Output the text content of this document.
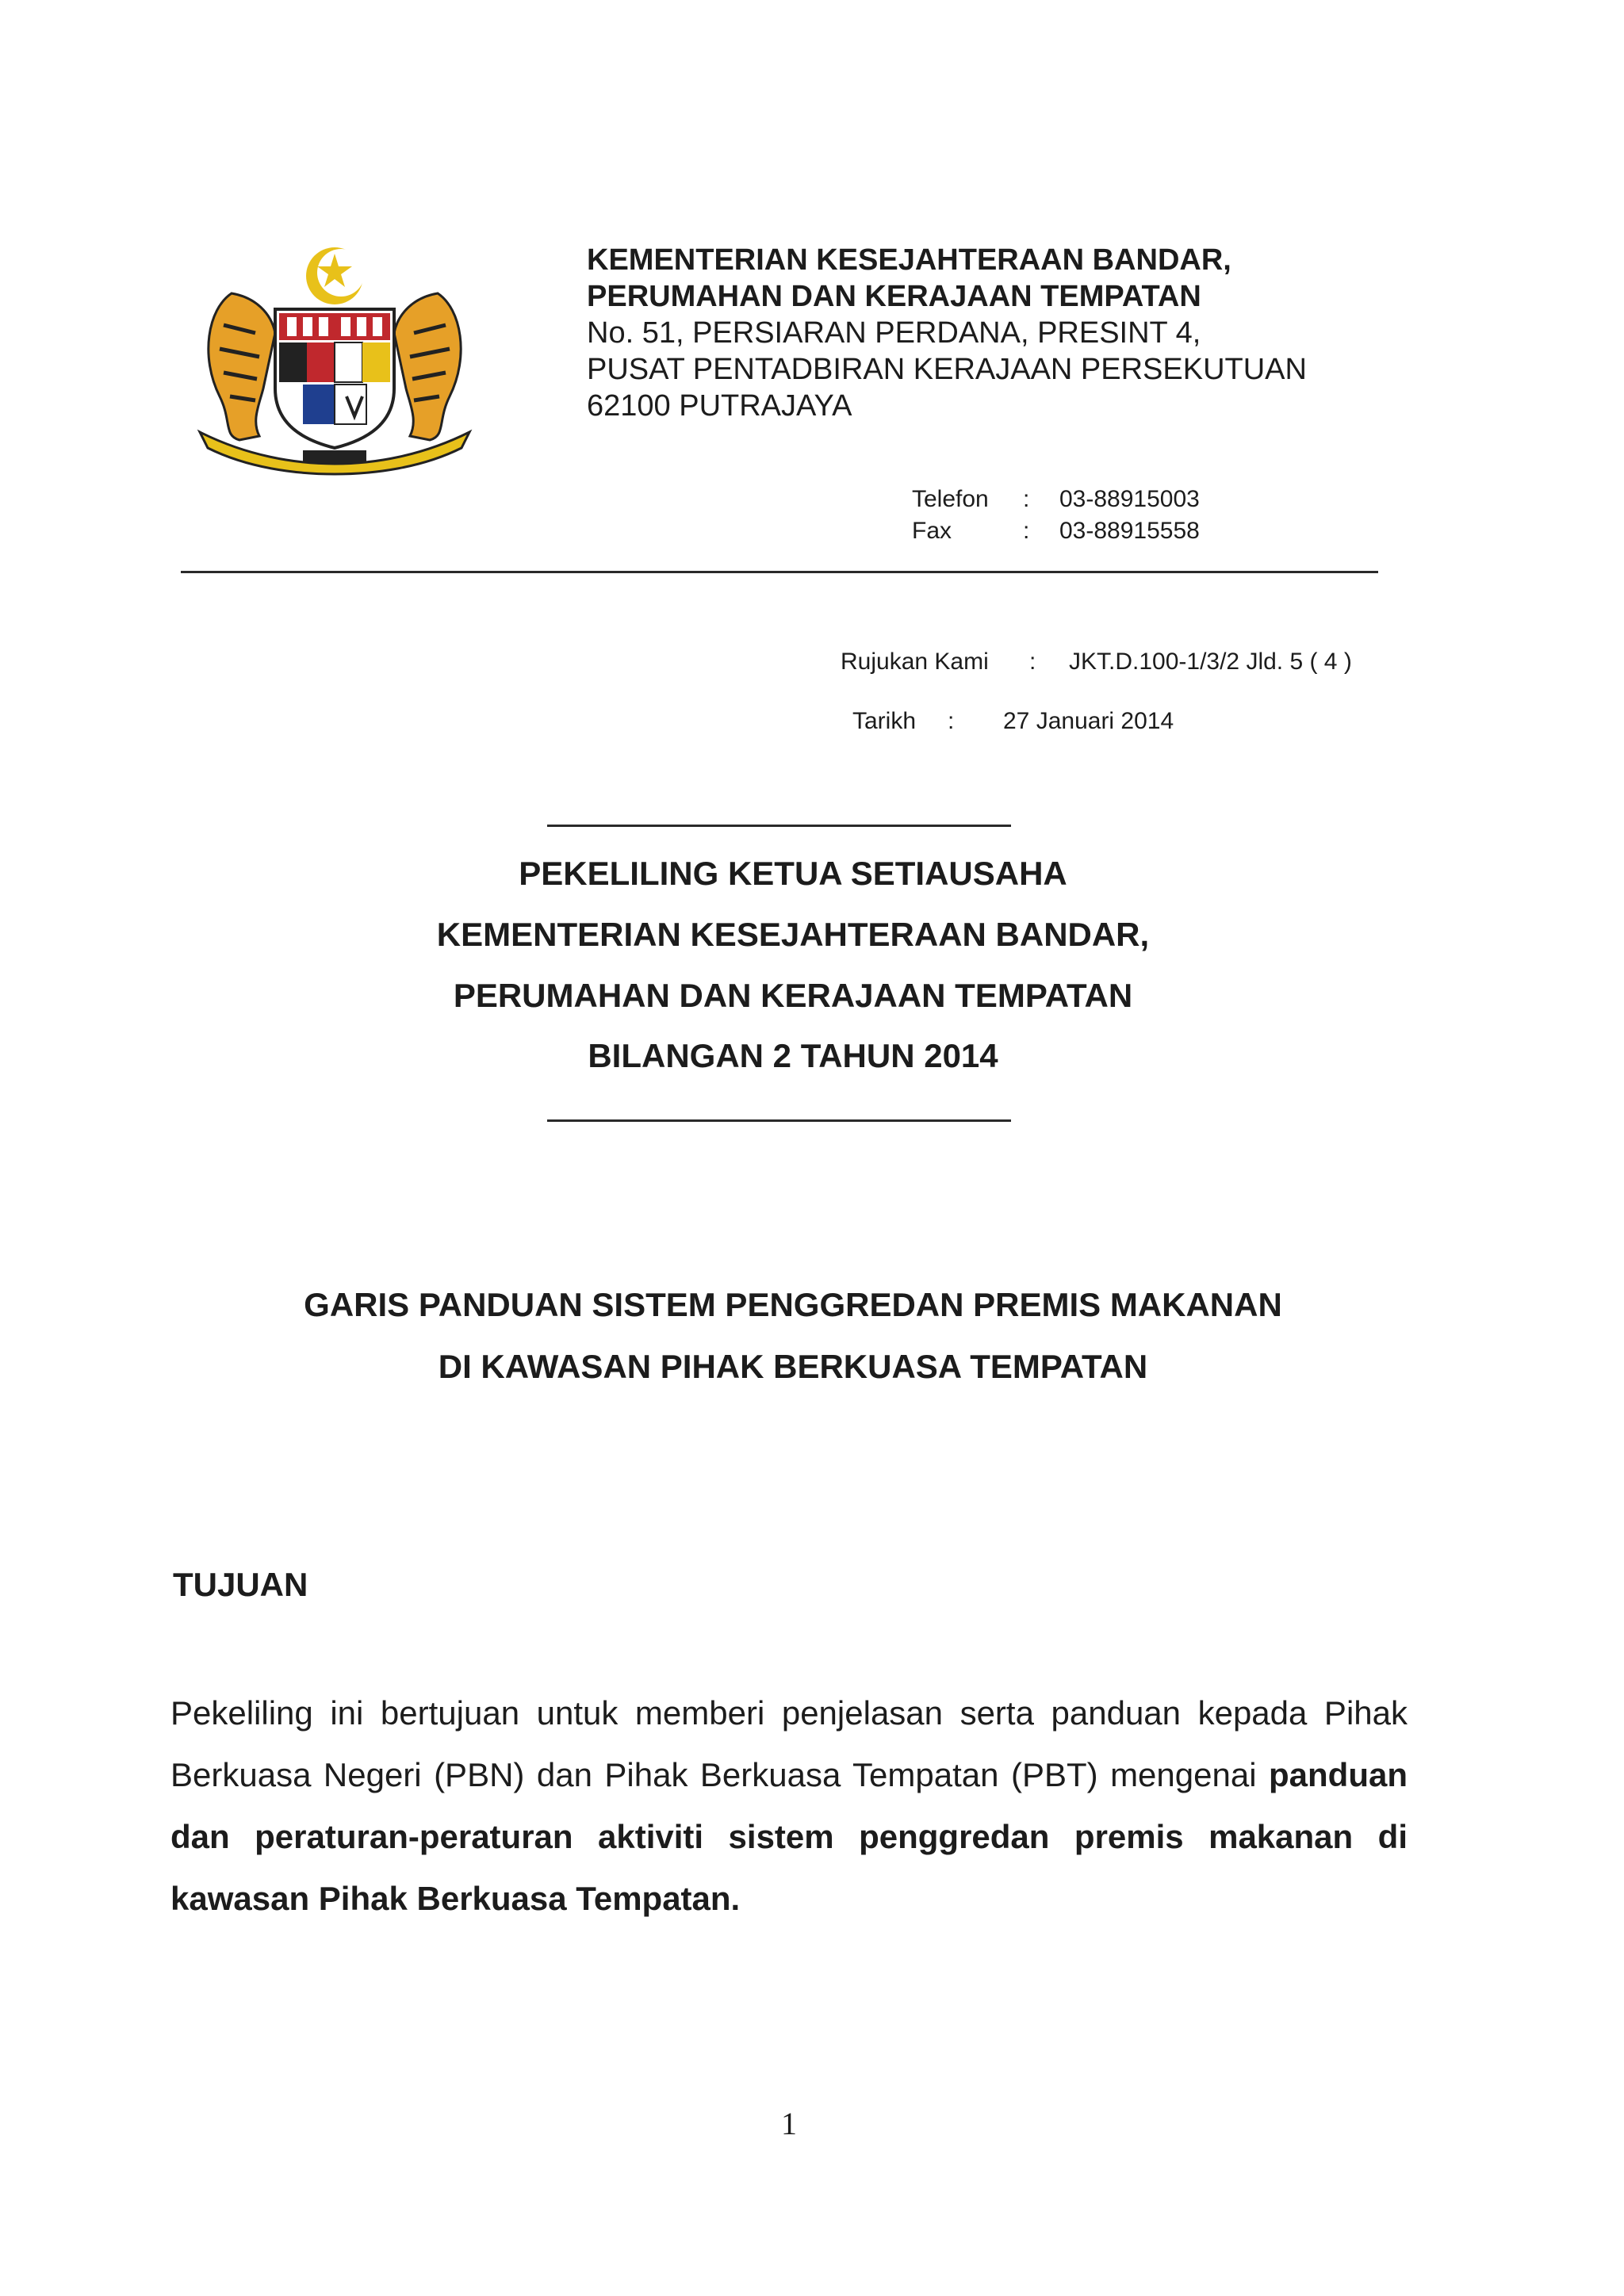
KEMENTERIAN KESEJAHTERAAN BANDAR,
PERUMAHAN DAN KERAJAAN TEMPATAN
No. 51, PERSIARAN PERDANA, PRESINT 4,
PUSAT PENTADBIRAN KERAJAAN PERSEKUTUAN
62100 PUTRAJAYA
Telefon : 03-88915003
Fax	: 03-88915558
Rujukan Kami : JKT.D.100-1/3/2 Jld. 5 ( 4 )
Tarikh : 27 Januari 2014
PEKELILING KETUA SETIAUSAHA
KEMENTERIAN KESEJAHTERAAN BANDAR,
PERUMAHAN DAN KERAJAAN TEMPATAN
BILANGAN 2 TAHUN 2014
GARIS PANDUAN SISTEM PENGGREDAN PREMIS MAKANAN
DI KAWASAN PIHAK BERKUASA TEMPATAN
TUJUAN
Pekeliling ini bertujuan untuk memberi penjelasan serta panduan kepada Pihak Berkuasa Negeri (PBN) dan Pihak Berkuasa Tempatan (PBT) mengenai panduan dan peraturan-peraturan aktiviti sistem penggredan premis makanan di kawasan Pihak Berkuasa Tempatan.
1
